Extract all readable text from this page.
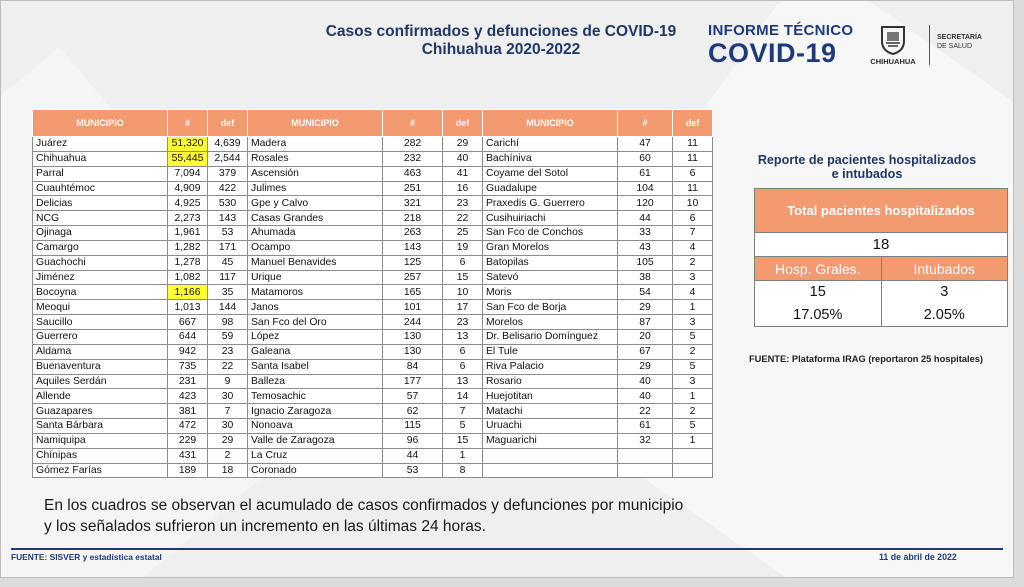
Casos confirmados y defunciones de COVID-19
Chihuahua 2020-2022
INFORME TÉCNICO
COVID-19	CHIHUAHUA
SECRETARÍA
DE SALUD
MUNICIPIO	#	def	MUNICIPIO	#	def	MUNICIPIO	#	def
Juárez	51,320	4,639	Madera	282	29	Carichí	47	11
Chihuahua	55,445	2,544	Rosales	232	40	Bachíniva	60	11
Parral	7,094	379	Ascensión	463	41	Coyame del Sotol	61	6
Cuauhtémoc	4,909	422	Julimes	251	16	Guadalupe	104	11
Delicias	4,925	530	Gpe y Calvo	321	23	Praxedis G. Guerrero	120	10
NCG	2,273	143	Casas Grandes	218	22	Cusihuiriachi	44	6
Ojinaga	1,961	53	Ahumada	263	25	San Fco de Conchos	33	7
Camargo	1,282	171	Ocampo	143	19	Gran Morelos	43	4
Guachochi	1,278	45	Manuel Benavides	125	6	Batopilas	105	2
Jiménez	1,082	117	Urique	257	15	Satevó	38	3
Bocoyna	1,166	35	Matamoros	165	10	Moris	54	4
Meoqui	1,013	144	Janos	101	17	San Fco de Borja	29	1
Saucillo	667	98	San Fco del Oro	244	23	Morelos	87	3
Guerrero	644	59	López	130	13	Dr. Belisario Domínguez	20	5
Aldama	942	23	Galeana	130	6	El Tule	67	2
Buenaventura	735	22	Santa Isabel	84	6	Riva Palacio	29	5
Aquiles Serdán	231	9	Balleza	177	13	Rosario	40	3
Allende	423	30	Temosachic	57	14	Huejotitan	40	1
Guazapares	381	7	Ignacio Zaragoza	62	7	Matachi	22	2
Santa Bárbara	472	30	Nonoava	115	5	Uruachi	61	5
Namiquipa	229	29	Valle de Zaragoza	96	15	Maguarichi	32	1
Chínipas	431	2	La Cruz	44	1			
Gómez Farías	189	18	Coronado	53	8			
Reporte de pacientes hospitalizados
e intubados
Total pacientes hospitalizados	
18	
Hosp. Grales.	Intubados
15	3
17.05%	2.05%
FUENTE: Plataforma IRAG (reportaron 25 hospitales)
En los cuadros se observan el acumulado de casos confirmados y defunciones por municipio y los señalados sufrieron un incremento en las últimas 24 horas.
FUENTE: SISVER y estadística estatal	11 de abril de 2022
